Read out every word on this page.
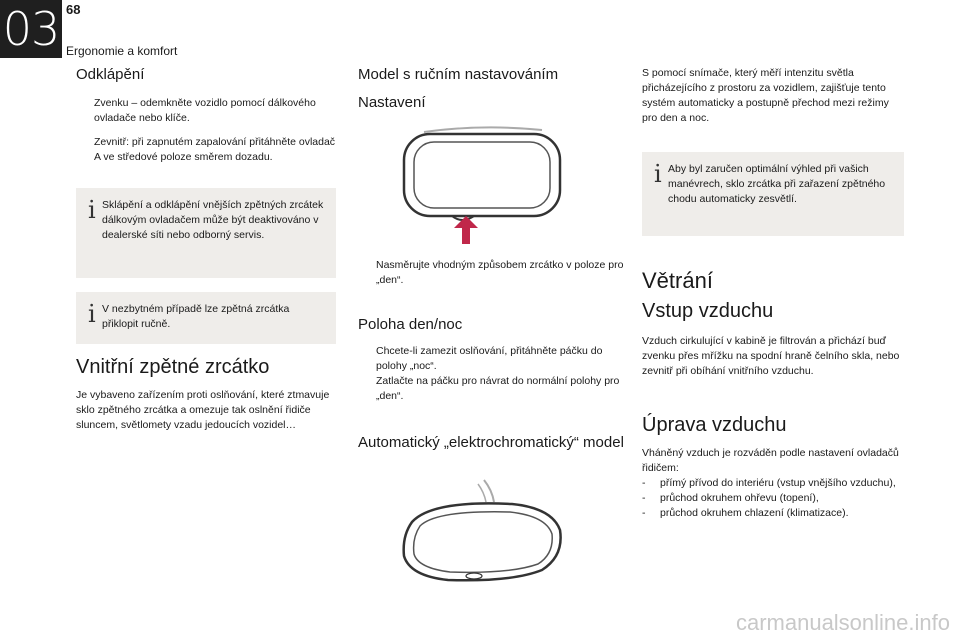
03 68
Ergonomie a komfort
Odklápění
Zvenku – odemkněte vozidlo pomocí dálkového ovladače nebo klíče.
Zevnitř: při zapnutém zapalování přitáhněte ovladač A ve středové poloze směrem dozadu.
i Sklápění a odklápění vnějších zpětných zrcátek dálkovým ovladačem může být deaktivováno v dealerské síti nebo odborný servis.
i V nezbytném případě lze zpětná zrcátka přiklopit ručně.
Vnitřní zpětné zrcátko
Je vybaveno zařízením proti oslňování, které ztmavuje sklo zpětného zrcátka a omezuje tak oslnění řidiče sluncem, světlomety vzadu jedoucích vozidel…
Model s ručním nastavováním
Nastavení
Nasměrujte vhodným způsobem zrcátko v poloze pro „den“.
Poloha den/noc
Chcete-li zamezit oslňování, přitáhněte páčku do polohy „noc“.
Zatlačte na páčku pro návrat do normální polohy pro „den“.
Automatický „elektrochromatický“ model
S pomocí snímače, který měří intenzitu světla přicházejícího z prostoru za vozidlem, zajišťuje tento systém automaticky a postupně přechod mezi režimy pro den a noc.
i Aby byl zaručen optimální výhled při vašich manévrech, sklo zrcátka při zařazení zpětného chodu automaticky zesvětlí.
Větrání
Vstup vzduchu
Vzduch cirkulující v kabině je filtrován a přichází buď zvenku přes mřížku na spodní hraně čelního skla, nebo zevnitř při obíhání vnitřního vzduchu.
Úprava vzduchu
Vháněný vzduch je rozváděn podle nastavení ovladačů řidičem:
- přímý přívod do interiéru (vstup vnějšího vzduchu),
- průchod okruhem ohřevu (topení),
- průchod okruhem chlazení (klimatizace).
carmanualsonline.info
